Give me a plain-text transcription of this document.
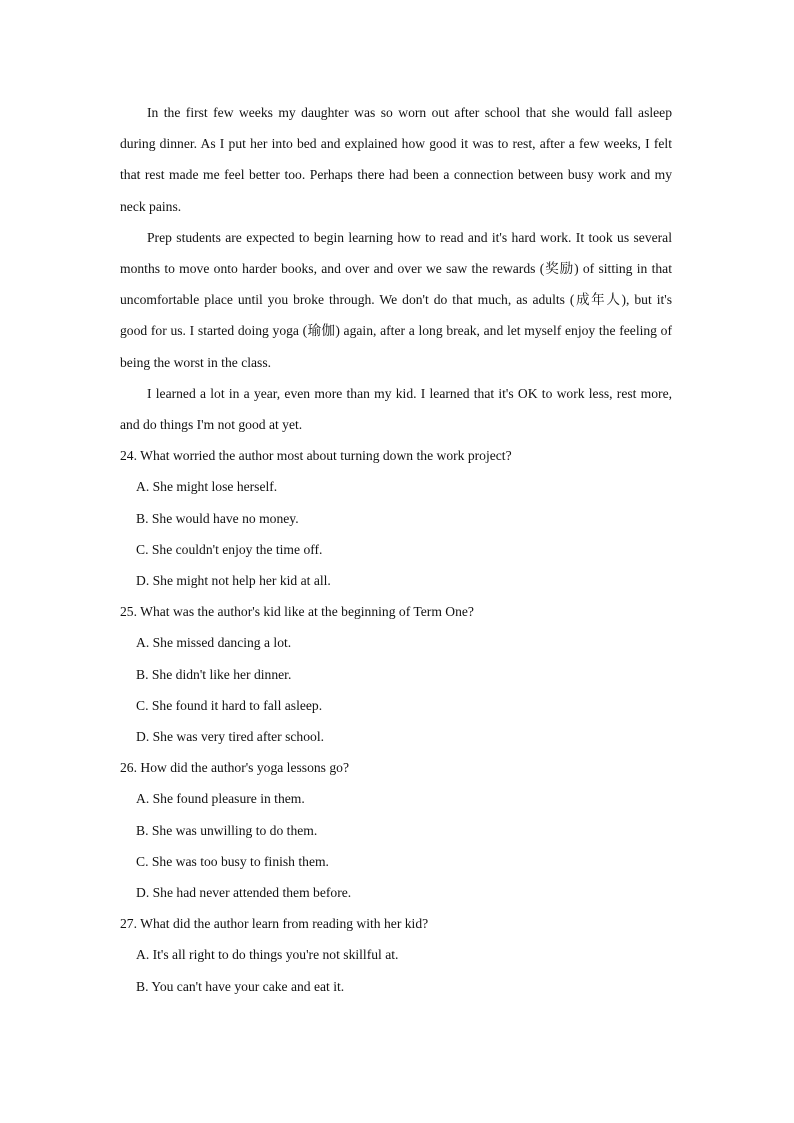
In the first few weeks my daughter was so worn out after school that she would fall asleep during dinner. As I put her into bed and explained how good it was to rest, after a few weeks, I felt that rest made me feel better too. Perhaps there had been a connection between busy work and my neck pains.

Prep students are expected to begin learning how to read and it's hard work. It took us several months to move onto harder books, and over and over we saw the rewards (奖励) of sitting in that uncomfortable place until you broke through. We don't do that much, as adults (成年人), but it's good for us. I started doing yoga (瑜伽) again, after a long break, and let myself enjoy the feeling of being the worst in the class.

I learned a lot in a year, even more than my kid. I learned that it's OK to work less, rest more, and do things I'm not good at yet.

24. What worried the author most about turning down the work project?

A. She might lose herself.

B. She would have no money.

C. She couldn't enjoy the time off.

D. She might not help her kid at all.

25. What was the author's kid like at the beginning of Term One?

A. She missed dancing a lot.

B. She didn't like her dinner.

C. She found it hard to fall asleep.

D. She was very tired after school.

26. How did the author's yoga lessons go?

A. She found pleasure in them.

B. She was unwilling to do them.

C. She was too busy to finish them.

D. She had never attended them before.

27. What did the author learn from reading with her kid?

A. It's all right to do things you're not skillful at.

B. You can't have your cake and eat it.
